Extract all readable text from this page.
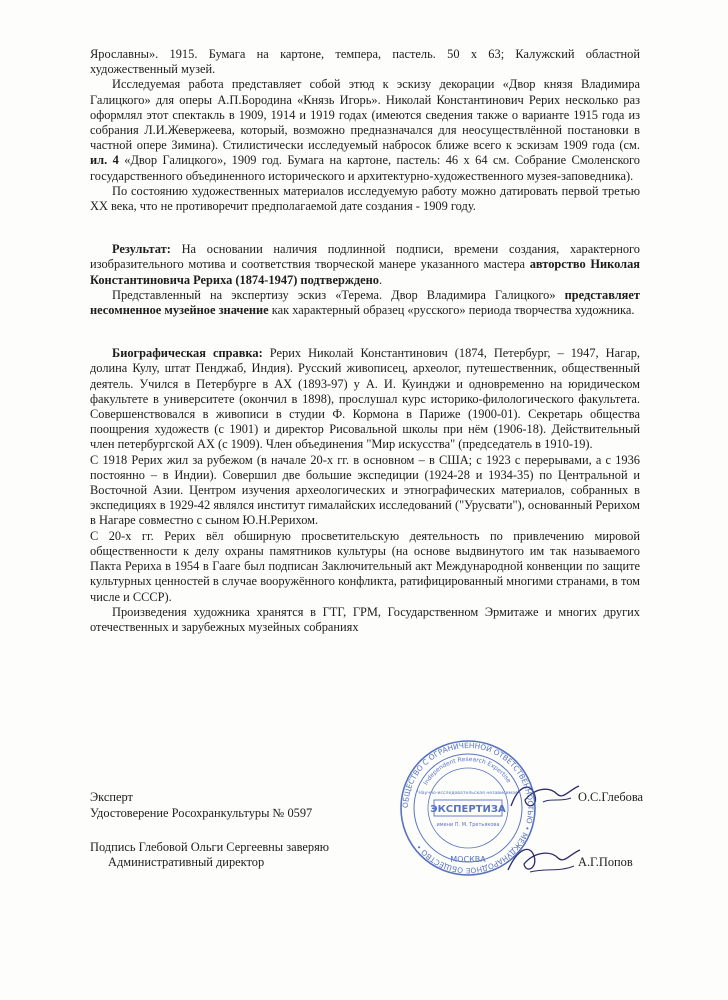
Ярославны». 1915. Бумага на картоне, темпера, пастель. 50 х 63; Калужский областной художественный музей.

Исследуемая работа представляет собой этюд к эскизу декорации «Двор князя Владимира Галицкого» для оперы А.П.Бородина «Князь Игорь». Николай Константинович Рерих несколько раз оформлял этот спектакль в 1909, 1914 и 1919 годах (имеются сведения также о варианте 1915 года из собрания Л.И.Жевержеева, который, возможно предназначался для неосуществлённой постановки в частной опере Зимина). Стилистически исследуемый набросок ближе всего к эскизам 1909 года (см. ил. 4 «Двор Галицкого», 1909 год. Бумага на картоне, пастель: 46 х 64 см. Собрание Смоленского государственного объединенного исторического и архитектурно-художественного музея-заповедника).

По состоянию художественных материалов исследуемую работу можно датировать первой третью XX века, что не противоречит предполагаемой дате создания - 1909 году.

Результат: На основании наличия подлинной подписи, времени создания, характерного изобразительного мотива и соответствия творческой манере указанного мастера авторство Николая Константиновича Рериха (1874-1947) подтверждено.

Представленный на экспертизу эскиз «Терема. Двор Владимира Галицкого» представляет несомненное музейное значение как характерный образец «русского» периода творчества художника.

Биографическая справка: Рерих Николай Константинович (1874, Петербург, – 1947, Нагар, долина Кулу, штат Пенджаб, Индия). Русский живописец, археолог, путешественник, общественный деятель. Учился в Петербурге в АХ (1893-97) у А. И. Куинджи и одновременно на юридическом факультете в университете (окончил в 1898), прослушал курс историко-филологического факультета. Совершенствовался в живописи в студии Ф. Кормона в Париже (1900-01). Секретарь общества поощрения художеств (с 1901) и директор Рисовальной школы при нём (1906-18). Действительный член петербургской АХ (с 1909). Член объединения "Мир искусства" (председатель в 1910-19).

С 1918 Рерих жил за рубежом (в начале 20-х гг. в основном – в США; с 1923 с перерывами, а с 1936 постоянно – в Индии). Совершил две большие экспедиции (1924-28 и 1934-35) по Центральной и Восточной Азии. Центром изучения археологических и этнографических материалов, собранных в экспедициях в 1929-42 являлся институт гималайских исследований ("Урусвати"), основанный Рерихом в Нагаре совместно с сыном Ю.Н.Рерихом.

С 20-х гг. Рерих вёл обширную просветительскую деятельность по привлечению мировой общественности к делу охраны памятников культуры (на основе выдвинутого им так называемого Пакта Рериха в 1954 в Гааге был подписан Заключительный акт Международной конвенции по защите культурных ценностей в случае вооружённого конфликта, ратифицированный многими странами, в том числе и СССР).

Произведения художника хранятся в ГТГ, ГРМ, Государственном Эрмитаже и многих других отечественных и зарубежных музейных собраниях

Эксперт
Удостоверение Росохранкультуры № 0597
О.С.Глебова
Подпись Глебовой Ольги Сергеевны заверяю
Административный директор	А.Г.Попов
ОБЩЕСТВО С ОГРАНИЧЕННОЙ ОТВЕТСТВЕННОСТЬЮ • МЕЖДУНАРОДНОЕ ОБЩЕСТВО •
Independent Research Expertise
"Научно-исследовательская независимая"
ЭКСПЕРТИЗА
имени П. М. Третьякова
МОСКВА
